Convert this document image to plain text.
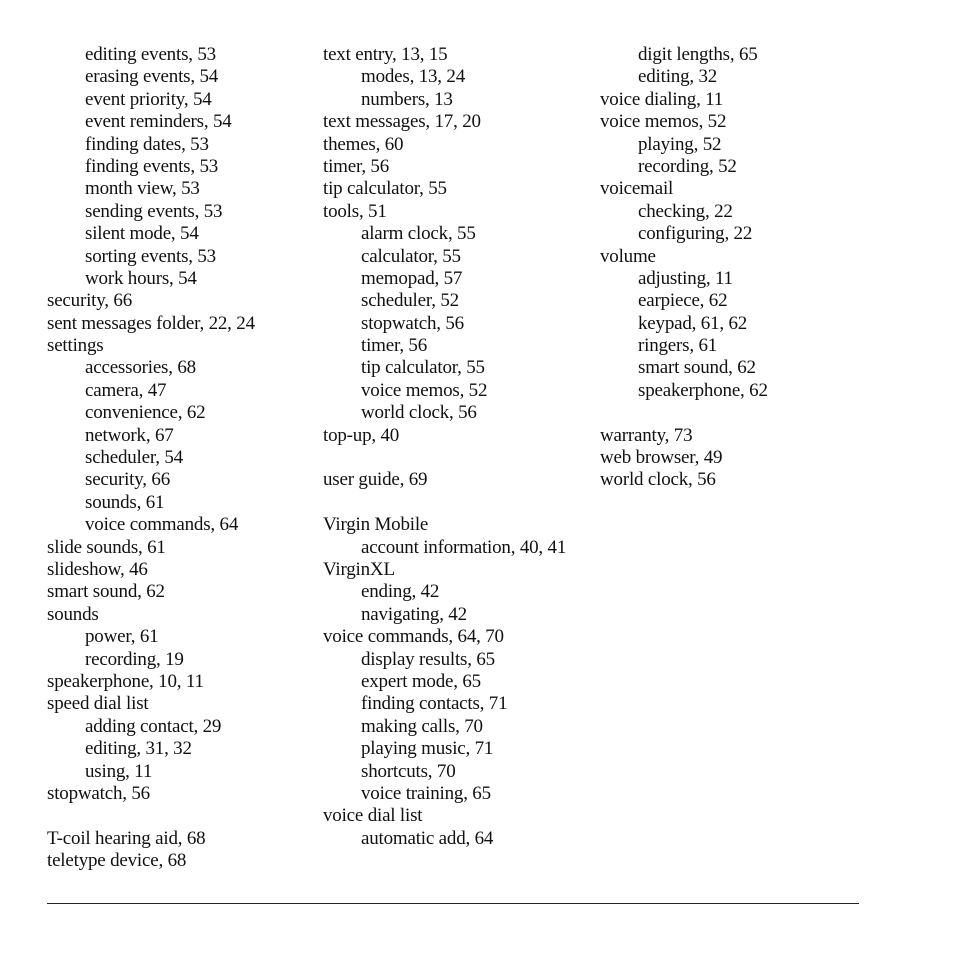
editing events, 53
erasing events, 54
event priority, 54
event reminders, 54
finding dates, 53
finding events, 53
month view, 53
sending events, 53
silent mode, 54
sorting events, 53
work hours, 54
security, 66
sent messages folder, 22, 24
settings
accessories, 68
camera, 47
convenience, 62
network, 67
scheduler, 54
security, 66
sounds, 61
voice commands, 64
slide sounds, 61
slideshow, 46
smart sound, 62
sounds
power, 61
recording, 19
speakerphone, 10, 11
speed dial list
adding contact, 29
editing, 31, 32
using, 11
stopwatch, 56
T-coil hearing aid, 68
teletype device, 68
text entry, 13, 15
modes, 13, 24
numbers, 13
text messages, 17, 20
themes, 60
timer, 56
tip calculator, 55
tools, 51
alarm clock, 55
calculator, 55
memopad, 57
scheduler, 52
stopwatch, 56
timer, 56
tip calculator, 55
voice memos, 52
world clock, 56
top-up, 40
user guide, 69
Virgin Mobile
account information, 40, 41
VirginXL
ending, 42
navigating, 42
voice commands, 64, 70
display results, 65
expert mode, 65
finding contacts, 71
making calls, 70
playing music, 71
shortcuts, 70
voice training, 65
voice dial list
automatic add, 64
digit lengths, 65
editing, 32
voice dialing, 11
voice memos, 52
playing, 52
recording, 52
voicemail
checking, 22
configuring, 22
volume
adjusting, 11
earpiece, 62
keypad, 61, 62
ringers, 61
smart sound, 62
speakerphone, 62
warranty, 73
web browser, 49
world clock, 56
